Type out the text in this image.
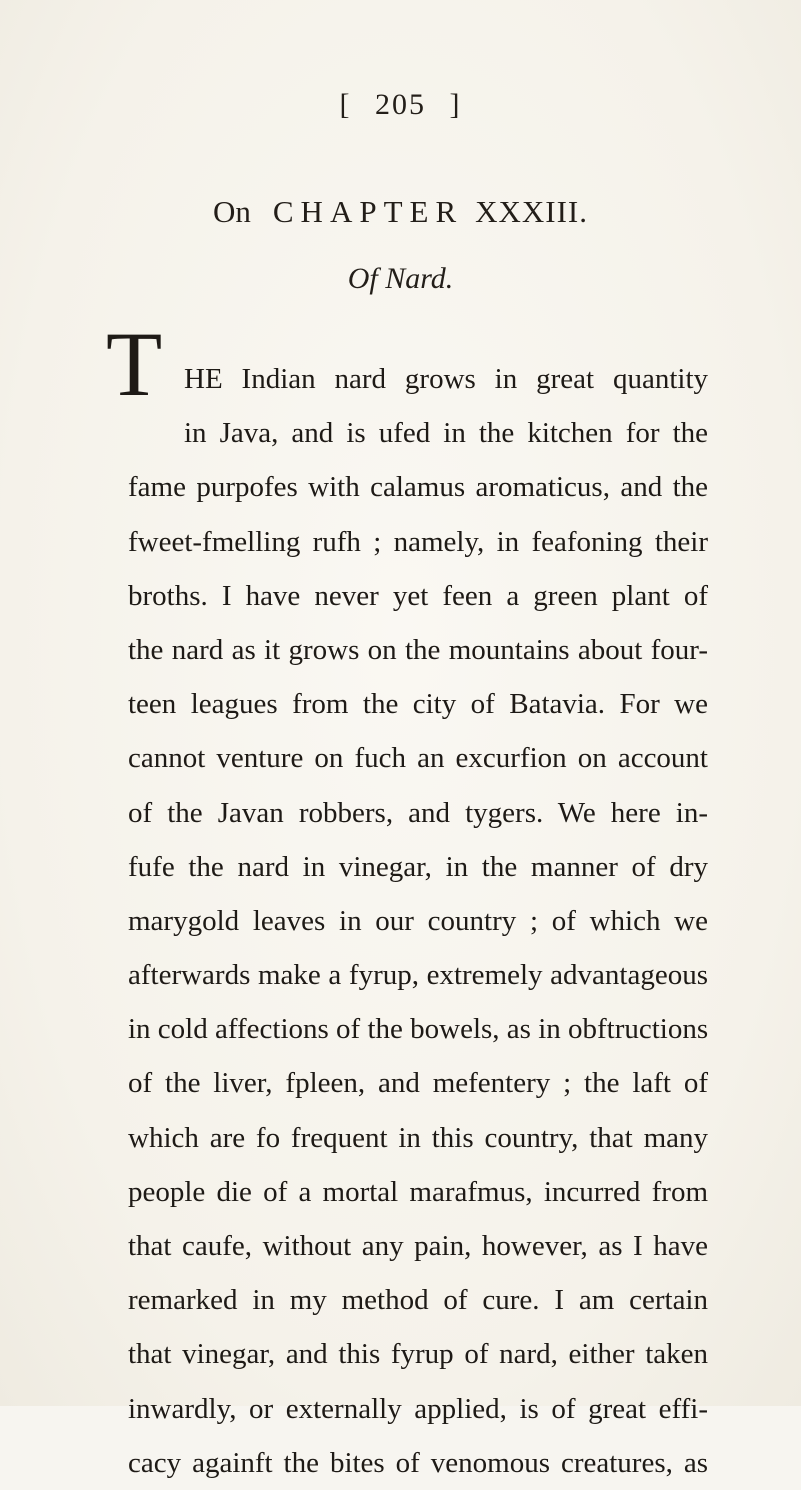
[ 205 ]
On CHAPTER XXXIII.
Of Nard.
T HE Indian nard grows in great quantity
in Java, and is ufed in the kitchen for the
fame purpofes with calamus aromaticus, and the
fweet-fmelling rufh ; namely, in feafoning their
broths. I have never yet feen a green plant of
the nard as it grows on the mountains about four-
teen leagues from the city of Batavia. For we
cannot venture on fuch an excurfion on account
of the Javan robbers, and tygers. We here in-
fufe the nard in vinegar, in the manner of dry
marygold leaves in our country ; of which we
afterwards make a fyrup, extremely advantageous
in cold affections of the bowels, as in obftructions
of the liver, fpleen, and mefentery ; the laft of
which are fo frequent in this country, that many
people die of a mortal marafmus, incurred from
that caufe, without any pain, however, as I have
remarked in my method of cure. I am certain
that vinegar, and this fyrup of nard, either taken
inwardly, or externally applied, is of great effi-
cacy againft the bites of venomous creatures, as
